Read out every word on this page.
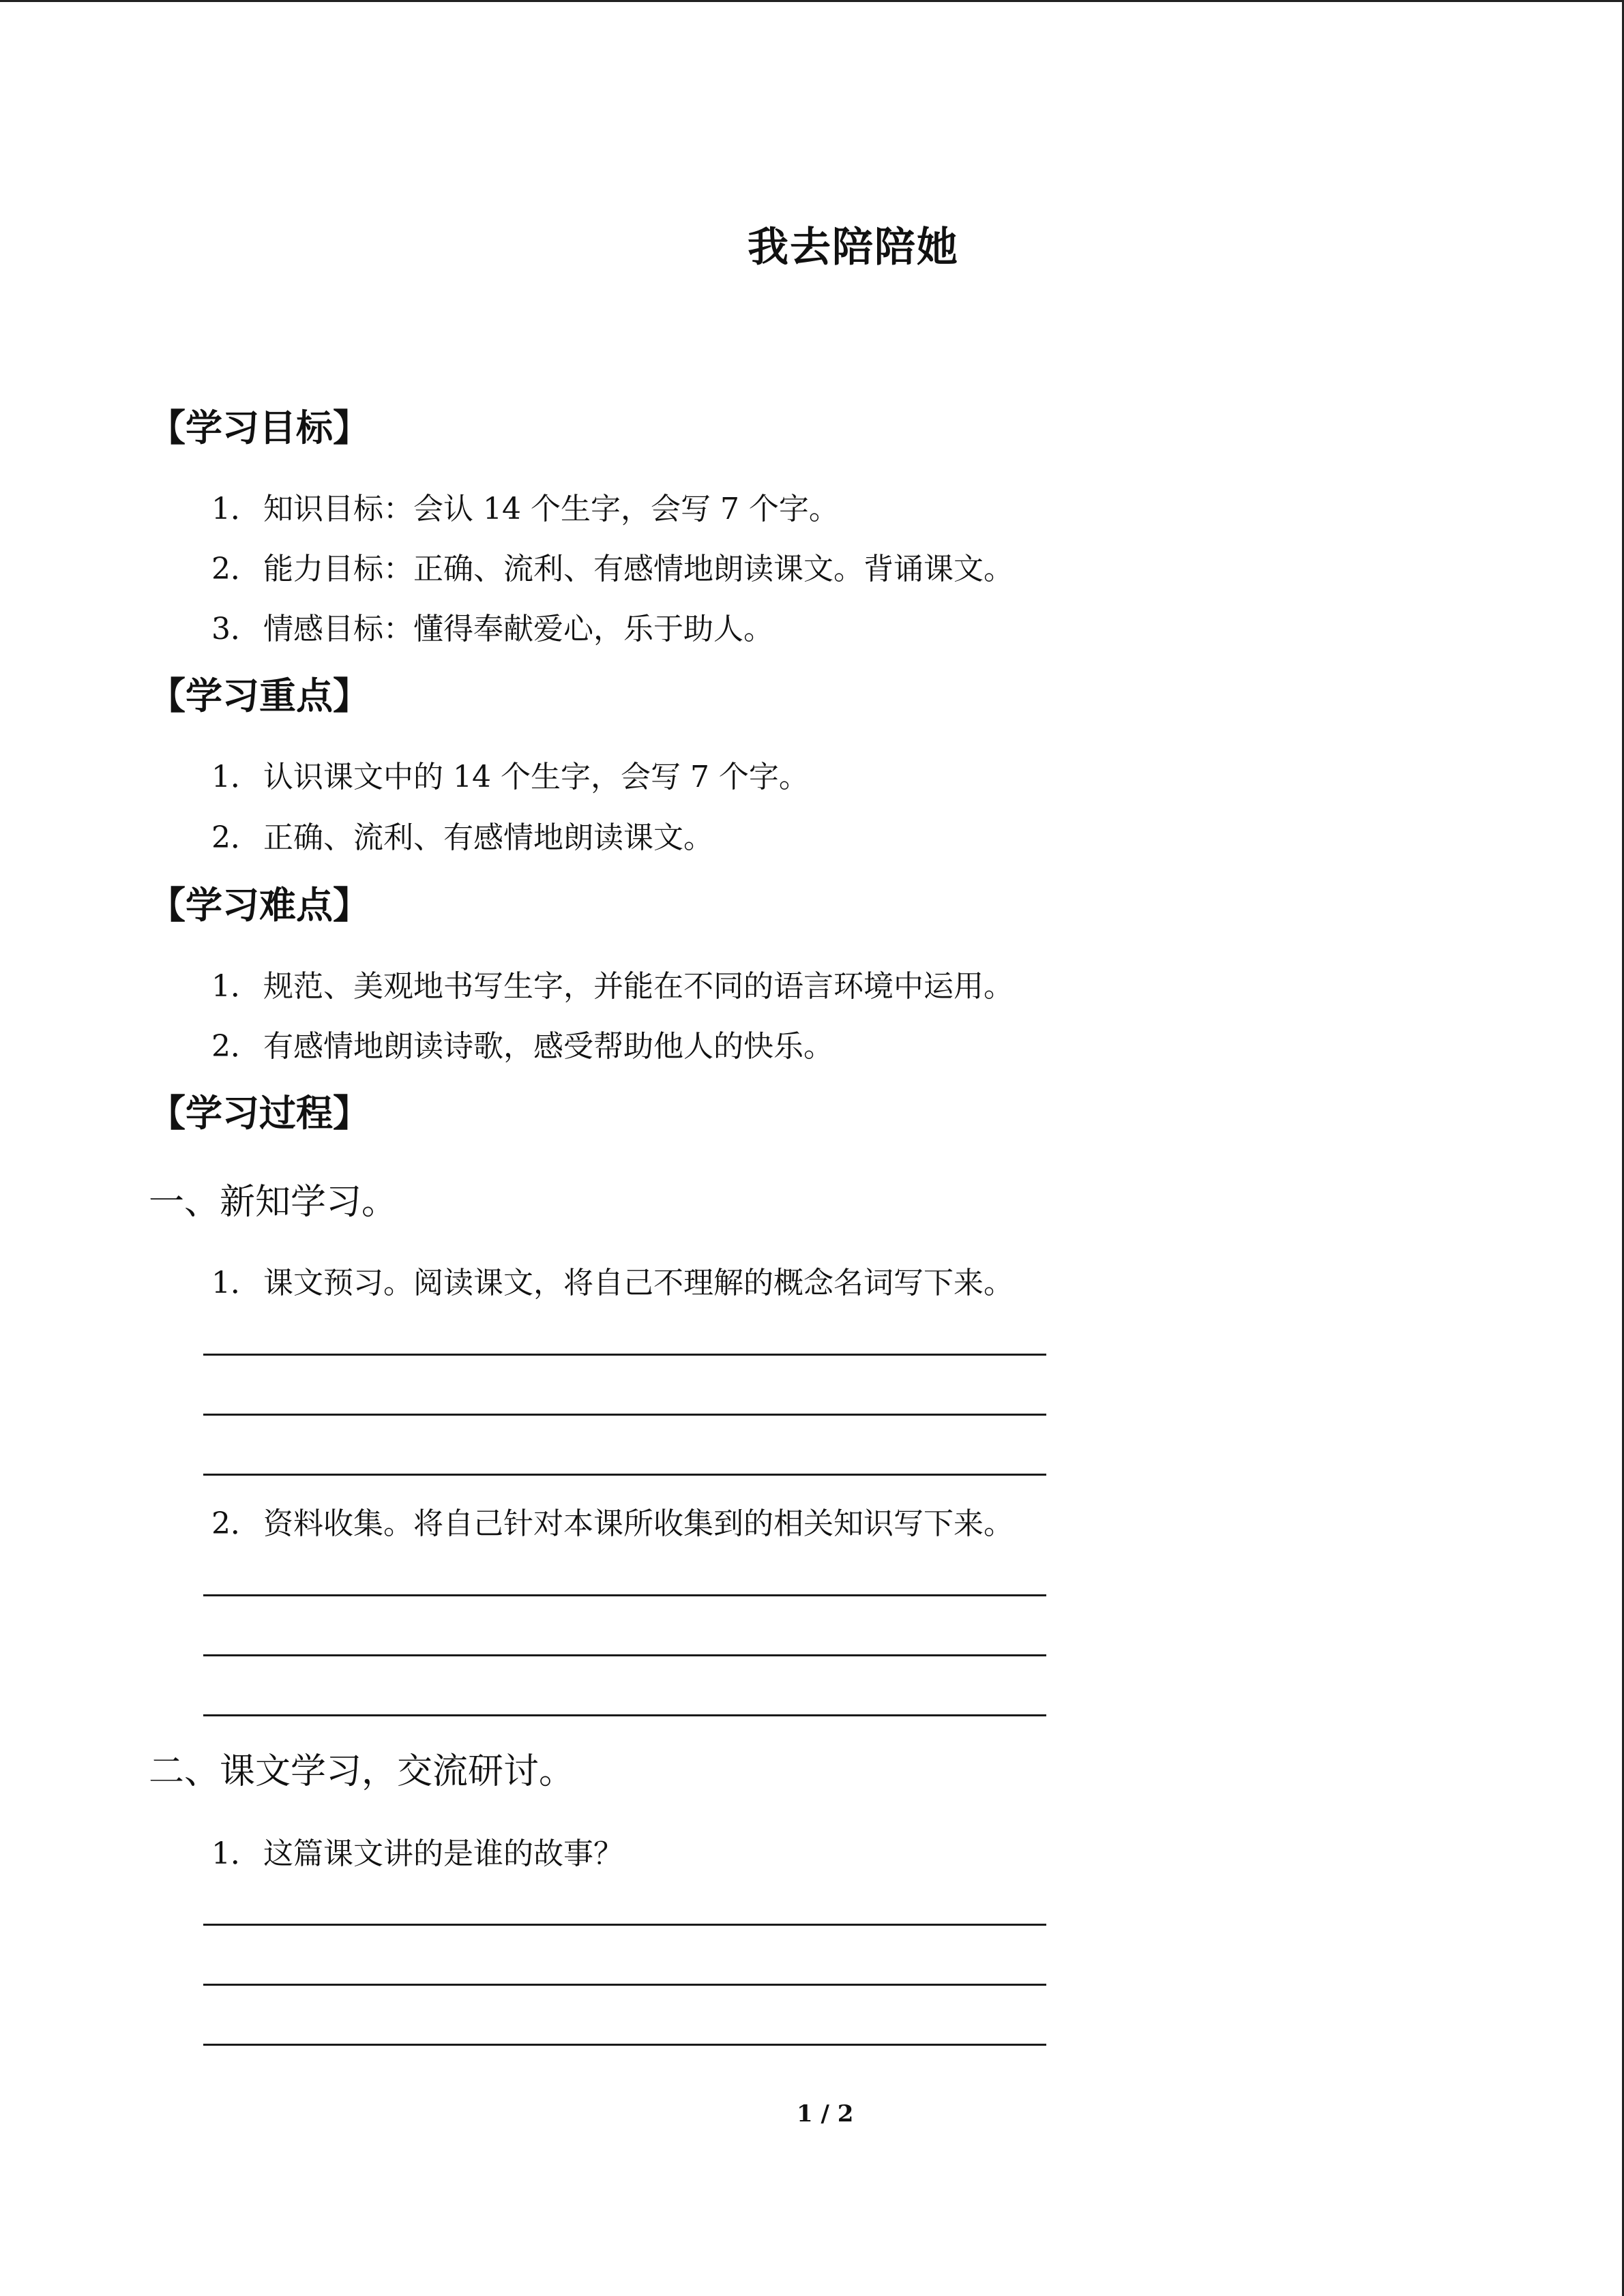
我去陪陪她
【学习目标】
1．知识目标：会认 14 个生字，会写 7 个字。
2．能力目标：正确、流利、有感情地朗读课文。背诵课文。
3．情感目标：懂得奉献爱心，乐于助人。
【学习重点】
1．认识课文中的 14 个生字，会写 7 个字。
2．正确、流利、有感情地朗读课文。
【学习难点】
1．规范、美观地书写生字，并能在不同的语言环境中运用。
2．有感情地朗读诗歌，感受帮助他人的快乐。
【学习过程】
一、新知学习。
1．课文预习。阅读课文，将自己不理解的概念名词写下来。
2．资料收集。将自己针对本课所收集到的相关知识写下来。
二、课文学习，交流研讨。
1．这篇课文讲的是谁的故事？
1 / 2
